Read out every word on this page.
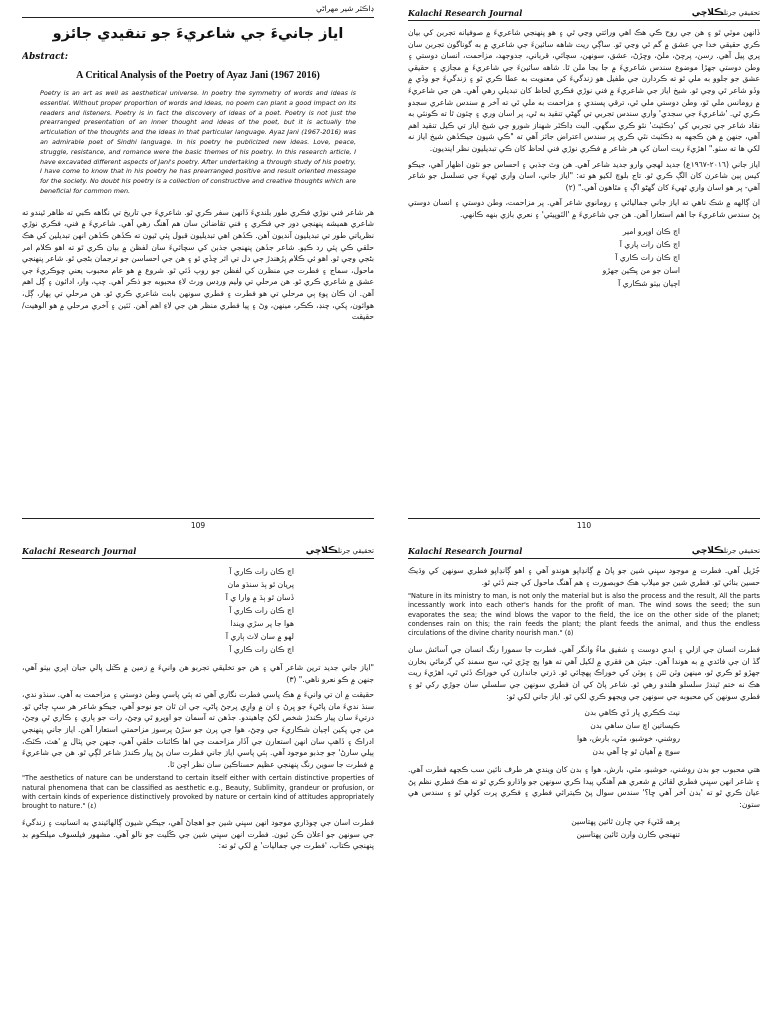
ڊاڪٽر شير مهراڻي
اياز جانيءَ جي شاعريءَ جو تنقيدي جائزو
Abstract:
A Critical Analysis of the Poetry of Ayaz Jani (1967 2016)
Poetry is an art as well as aesthetical universe. In poetry the symmetry of words and ideas is essential. Without proper proportion of words and ideas, no poem can plant a good impact on its readers and listeners. Poetry is in fact the discovery of ideas of a poet. Poetry is not just the prearranged presentation of an inner thought and ideas of the poet, but it is actually the articulation of the thoughts and the ideas in that particular language. Ayaz Jani (1967-2016) was an admirable poet of Sindhi language. In his poetry he publicized new ideas. Love, peace, struggle, resistance, and romance were the basic themes of his poetry. In this research article, I have excavated different aspects of Jani's poetry. After undertaking a through study of his poetry, I have come to know that in his poetry he has prearranged positive and result oriented message for the society. No doubt his poetry is a collection of constructive and creative thoughts which are beneficial for common men.

هر شاعر فني نوڙي فڪري طور بلنديءَ ڏانهن سفر ڪري ٿو. شاعريءَ جي تاريخ تي نگاهه ڪبي ته ظاهر ٿيندو ته شاعري هميشه پنهنجي دور جي فڪري ۽ فني تقاضائن سان هم آهنگ رهي آهي. شاعريءَ ۾ فني، فڪري نوڙي نظرياتي طور تي تبديليون آنديون آهن. ڪڏهن اهي تبديليون قبول پئي ٿيون ته ڪڏهن ڪڏهن انهن تبديلين کي هڪ حلقي ڪي پئي رد ڪيو. شاعر جڏهن پنهنجي جذبن کي سچائيءَ سان لفظن ۾ بيان ڪري ٿو ته اهو ڪلام امر بڻجي وڃي ٿو. اهو ئي ڪلام پڙهندڙ جي دل تي اثر ڇڏي ٿو ۽ هن جي احساسن جو ترجمان بڻجي ٿو. شاعر پنهنجي ماحول، سماج ۽ فطرت جي منظرن کي لفظن جو روپ ڏئي ٿو. شروع ۾ هو عام محبوب يعني چوڪريءَ جي عشق ۾ شاعري ڪري ٿو. هن مرحلي تي وليم ورڊس ورٿ لاءِ محبوبه جو ذڪر آهي. چپ، وار، ادائون ۽ ڳل اهم آهن. ان ڪان پوءِ ٻي مرحلي تي هو فطرت ۽ فطري سونهن بابت شاعري ڪري ٿو. هن مرحلي تي ٻهار، ڳل، هوائون، پکي، چنڊ، ڪڪر، مينهن، وڻ ۽ پيا فطري منظر هن جي لاءِ اهم آهن. ٽئين ۽ آخري مرحلي ۾ هو الوهيت/حقيقت

109
Kalachi Research Journal	تحقيقي جرنلڪلاچي

ڏانهن موٽي ٿو ۽ هن جي روح ڪي هڪ اهي ورائتي وڃي ٿي ۽ هو پنهنجي شاعريءَ ۾ صوفيانه تجربن کي بيان ڪري حقيقي خدا جي عشق ۾ گم ٿي وڃي ٿو. ساڳي ريت شاهه سائينءَ جي شاعري ۾ به گوناگون تجربن سان پري پيل آهي. رسن، پرچڻ، ملڻ، وڇڙڻ، عشق، سونهن، سچائي، قرباني، جدوجهد، مزاحمت، انسان دوستي ۽ وطن دوستي جهڙا موضوع سندس شاعريءَ ۾ جا بجا ملن ٿا. شاهه سائينءَ جي شاعريءَ ۾ مجازي ۽ حقيقي عشق جو جلوو به ملي ٿو ته ڪردارن جي طفيل هو زندگيءَ کي معنويت به عطا ڪري ٿو ۽ زندگيءَ جو وڏي ۾ وڏو شاعر ٿي وڃي ٿو. شيخ اياز جي شاعريءَ ۾ فني نوڙي فڪري لحاظ کان تبديلي رهي آهي. هن جي شاعريءَ ۾ رومانس ملي ٿو، وطن دوستي ملي ٿي، ترقي پسندي ۽ مزاحمت به ملي ٿي ته آخر ۾ سندس شاعري سجدو ڪري ٿي. 'شاعريءَ جي سجدي' واري سندس تجربي تي گهڻي تنقيد به ٿي، پر اسان وري ۽ چئون ٿا ته ڪونئي به نقاد شاعر جي تجربي کي 'ڊڪٽيٽ' نٿو ڪري سگهي. البت ڊاڪٽر شهناز شورو جي شيخ اياز تي ڪيل تنقيد اهم آهي، جنهن ۾ هن ڪجهه به ڊڪٽيٽ نٿي ڪري پر سندس اعتراض جائز آهي ته "ڪي شيون جيڪڏهن شيخ اياز نه لکي ها ته سٺو." اهڙيءَ ريت اسان کي هر شاعر ۾ فڪري نوڙي فني لحاظ کان ڪي تبديليون نظر اينديون.

اياز جاني (٢٠١٦-١٩٦٧ع) جديد لهجي وارو جديد شاعر آهي. هن وٽ جذبي ۽ احساس جو نئون اظهار آهي، جيڪو کيس ٻين شاعرن کان الڳ ڪري ٿو. تاج بلوچ لکيو هو ته: "اياز جاني، اسان واري ٿهيءَ جي تسلسل جو شاعر آهي- پر هو اسان واري ٿهيءَ کان گهڻو اڳ ۽ مٿاهون آهي." (٢)

ان ڳالهه ۾ شڪ ناهي ته اياز جاني جماليائي ۽ رومانوي شاعر آهي. پر مزاحمت، وطن دوستي ۽ انسان دوستي پڻ سندس شاعريءَ جا اهم استعارا آهن. هن جي شاعريءَ ۾ 'الٽوپيئي' ۽ نعري بازي بنهه ڪانهي.

اڄ ڪان اوپرو امير
اڄ ڪان رات پاري آ
اڄ ڪان رات ڪاري آ
اسان جو من پڪين جهڙو
اڄيان بيٺو شڪاري آ
110
Kalachi Research Journal	تحقيقي جرنلڪلاچي
اڄ ڪان رات ڪاري آ
پريان ٿو ٻڌ سنڌو مان
ڏسان ٿو ٻڌ ۾ وارا ي آ
اڄ ڪان رات ڪاري آ
هوا جا پر سڙي ويندا
لهو ۾ سان لاٽ ٻاري آ
اڄ ڪان رات ڪاري آ

"اياز جاني جديد ترين شاعر آهي ۽ هن جو تخليقي تجربو هن وانيءَ ۾ زمين ۾ ڪَتل پالي جيان اپري بيٺو آهي، جنهن ۾ ڪو نعرو ناهي." (٣)

حقيقت ۾ ان تي وانيءَ ۾ هڪ پاسي فطرت نگاري آهي ته ٻئي پاسي وطن دوستي ۽ مزاحمت به آهي. سنڌو ندي، سنڌ نديءَ مان پاڻيءَ جو ڀرڻ ۽ ان ۾ وارِي پرجڻ پاڻي، جي ان ٿان جو نوحو آهي، جيڪو شاعر هر سڀ ڄاڻي ٿو. درتيءَ سان پيار ڪندڙ شخص لکڻ چاهيندو. جڏهن ته آسمان جو اوپرو ٿي وڃڻ، رات جو ٻاري ۽ ڪاري ٿي وڃڻ، من جي پکين اڄيان شڪاريءَ جي وڃڻ، هوا جي پرن جو سڙڻ پرسوز مزاحمتي استعارا آهن. اياز جاني پنهنجي ادراڪ ۽ ڏاهپ سان انهن استعارن جي آڏار مزاحمت جي اها ڪائنات خلقي آهي، جنهن جي پٽال ۾ 'هٺ، ڪٽڪ، ٻيلي سارڻ' جو جذبو موجود آهي. ٻئي پاسي اياز جاني فطرت سان پڻ پيار ڪندڙ شاعر لڳي ٿو. هن جي شاعريءَ ۾ فطرت جا سوين رنگ پنهنجي عظيم حسناڪين سان نظر اچن ٿا.

"The aesthetics of nature can be understand to certain itself either with certain distinctive properties of natural phenomena that can be classified as aesthetic e.g., Beauty, Sublimity, grandeur or profusion, or with certain kinds of experience distinctively provoked by nature or certain kind of attitudes appropriately brought to nature." (٤)

فطرت اسان جي چوڌاري موجود انهن سڀني شين جو اهڃاڻ آهي، جيڪي شيون ڳالهائيندي به انسانيت ۽ زندگيءَ جي سونهن جو اعلان ڪن ٿيون. فطرت انهن سڀني شين جي ڪُليت جو نالو آهي. مشهور فيلسوف ميلڪوم بڊ پنهنجي ڪتاب، 'فطرت جي جماليات' ۾ لکي ٿو ته:

Kalachi Research Journal	تحقيقي جرنلڪلاچي

جُڙيل آهي. فطرت ۾ موجود سڀني شين جو پاڻ ۾ ڳانڍاپو هوندو آهي ۽ اهو ڳانڍاپو فطري سونهن کي وڌيڪ حسين بنائي ٿو. فطري شين جو ميلاپ هڪ خوبصورت ۽ هم آهنگ ماحول کي جنم ڏئي ٿو.

"Nature in its ministry to man, is not only the material but is also the process and the result, All the parts incessantly work into each other's hands for the profit of man. The wind sows the seed; the sun evaporates the sea; the wind blows the vapor to the field, the ice on the other side of the planet; condenses rain on this; the rain feeds the plant; the plant feeds the animal, and thus the endless circulations of the divine charity nourish man." (٥)

فطرت انسان جي ازلي ۽ ابدي دوست ۽ شفيق ماءُ وانگر آهي. فطرت جا سمورا رنگ انسان جي آسائش سان گڏ ان جي فائدي ۾ به هوندا آهن. جيئن هن فقري ۾ لکيل آهي ته هوا ٻج ڇڙي ٿي، سج سمنڊ کي گرمائي بخارن جهڙو ٿو ڪري ٿو، مينهن وٽن ٽٿن ۽ ٻوٽن کي خوراڪ پهچائي ٿو. ڌرتي جاندارن کي خوراڪ ڏئي ٿي، اهڙيءَ ريت هڪ نه ختم ٿيندڙ سلسلو هلندو رهي ٿو. شاعر پاڻ کي ان فطري سونهن جي سلسلي سان جوڙي رکي ٿو ۽ فطري سونهن کي محبوبه جي سونهن جي ويجهو ڪري لکي ٿو. اياز جاني لکي ٿو:

نيٽ ڪڪري پار ڏي ڪاهي بدن
ڪيساتين اچ سان ساهي بدن
روشني، خوشبو، مٽي، بارش، هوا
سوچ ۾ آهيان ٿو چا آهي بدن

هتي محبوب جو بدن روشني، خوشبو، مٽي، بارش، هوا ۽ بدن کان ويندي هر طرف نائين سب ڪجهه فطرت آهي. ۽ شاعر انهن سڀني فطري لقائن ۾ شعري هم آهنگي پيدا ڪري سونهن جو واڌارو ڪري ٿو ته هڪ فطري نظم پڻ عيان ڪري ٿو ته 'بدن آخر آهي ڇا؟' سندس سوال پڻ ڪيترائي فطري ۽ فڪري پرت کولي ٿو ۽ سندس هي ستون:

ٻرهه ڦٽيءَ جي چارن ٿائين پهتاسين
تنهنجي ڪارن وارن ٿائين پهتاسين
